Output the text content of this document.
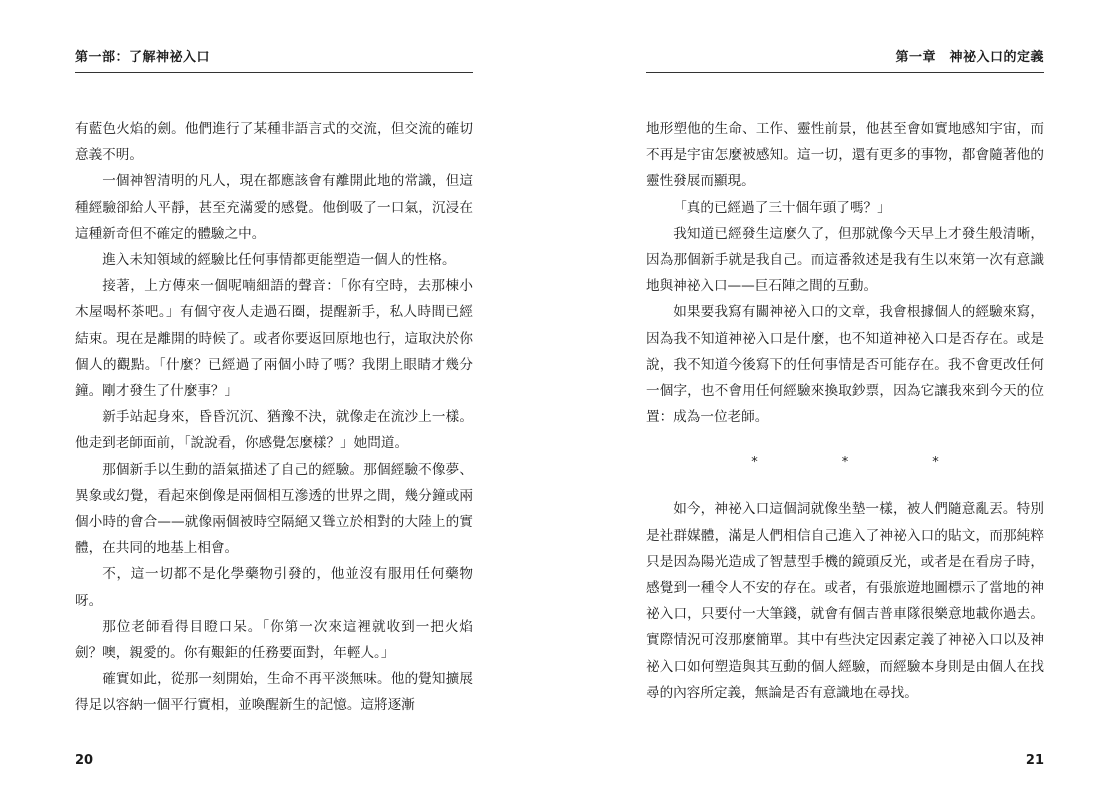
第一部：了解神祕入口

有藍色火焰的劍。他們進行了某種非語言式的交流，但交流的確切意義不明。

一個神智清明的凡人，現在都應該會有離開此地的常識，但這種經驗卻給人平靜，甚至充滿愛的感覺。他倒吸了一口氣，沉浸在這種新奇但不確定的體驗之中。

進入未知領域的經驗比任何事情都更能塑造一個人的性格。

接著，上方傳來一個呢喃細語的聲音：「你有空時，去那棟小木屋喝杯茶吧。」有個守夜人走過石圈，提醒新手，私人時間已經結束。現在是離開的時候了。或者你要返回原地也行，這取決於你個人的觀點。「什麼？已經過了兩個小時了嗎？我閉上眼睛才幾分鐘。剛才發生了什麼事？」

新手站起身來，昏昏沉沉、猶豫不決，就像走在流沙上一樣。他走到老師面前，「說說看，你感覺怎麼樣？」她問道。

那個新手以生動的語氣描述了自己的經驗。那個經驗不像夢、異象或幻覺，看起來倒像是兩個相互滲透的世界之間，幾分鐘或兩個小時的會合——就像兩個被時空隔絕又聳立於相對的大陸上的實體，在共同的地基上相會。

不，這一切都不是化學藥物引發的，他並沒有服用任何藥物呀。

那位老師看得目瞪口呆。「你第一次來這裡就收到一把火焰劍？噢，親愛的。你有艱鉅的任務要面對，年輕人。」

確實如此，從那一刻開始，生命不再平淡無味。他的覺知擴展得足以容納一個平行實相，並喚醒新生的記憶。這將逐漸

20
第一章　神祕入口的定義

地形塑他的生命、工作、靈性前景，他甚至會如實地感知宇宙，而不再是宇宙怎麼被感知。這一切，還有更多的事物，都會隨著他的靈性發展而顯現。

「真的已經過了三十個年頭了嗎？」

我知道已經發生這麼久了，但那就像今天早上才發生般清晰，因為那個新手就是我自己。而這番敘述是我有生以來第一次有意識地與神祕入口——巨石陣之間的互動。

如果要我寫有關神祕入口的文章，我會根據個人的經驗來寫，因為我不知道神祕入口是什麼，也不知道神祕入口是否存在。或是說，我不知道今後寫下的任何事情是否可能存在。我不會更改任何一個字，也不會用任何經驗來換取鈔票，因為它讓我來到今天的位置：成為一位老師。

*	*	*

如今，神祕入口這個詞就像坐墊一樣，被人們隨意亂丟。特別是社群媒體，滿是人們相信自己進入了神祕入口的貼文，而那純粹只是因為陽光造成了智慧型手機的鏡頭反光，或者是在看房子時，感覺到一種令人不安的存在。或者，有張旅遊地圖標示了當地的神祕入口，只要付一大筆錢，就會有個吉普車隊很樂意地載你過去。實際情況可沒那麼簡單。其中有些決定因素定義了神祕入口以及神祕入口如何塑造與其互動的個人經驗，而經驗本身則是由個人在找尋的內容所定義，無論是否有意識地在尋找。

21
